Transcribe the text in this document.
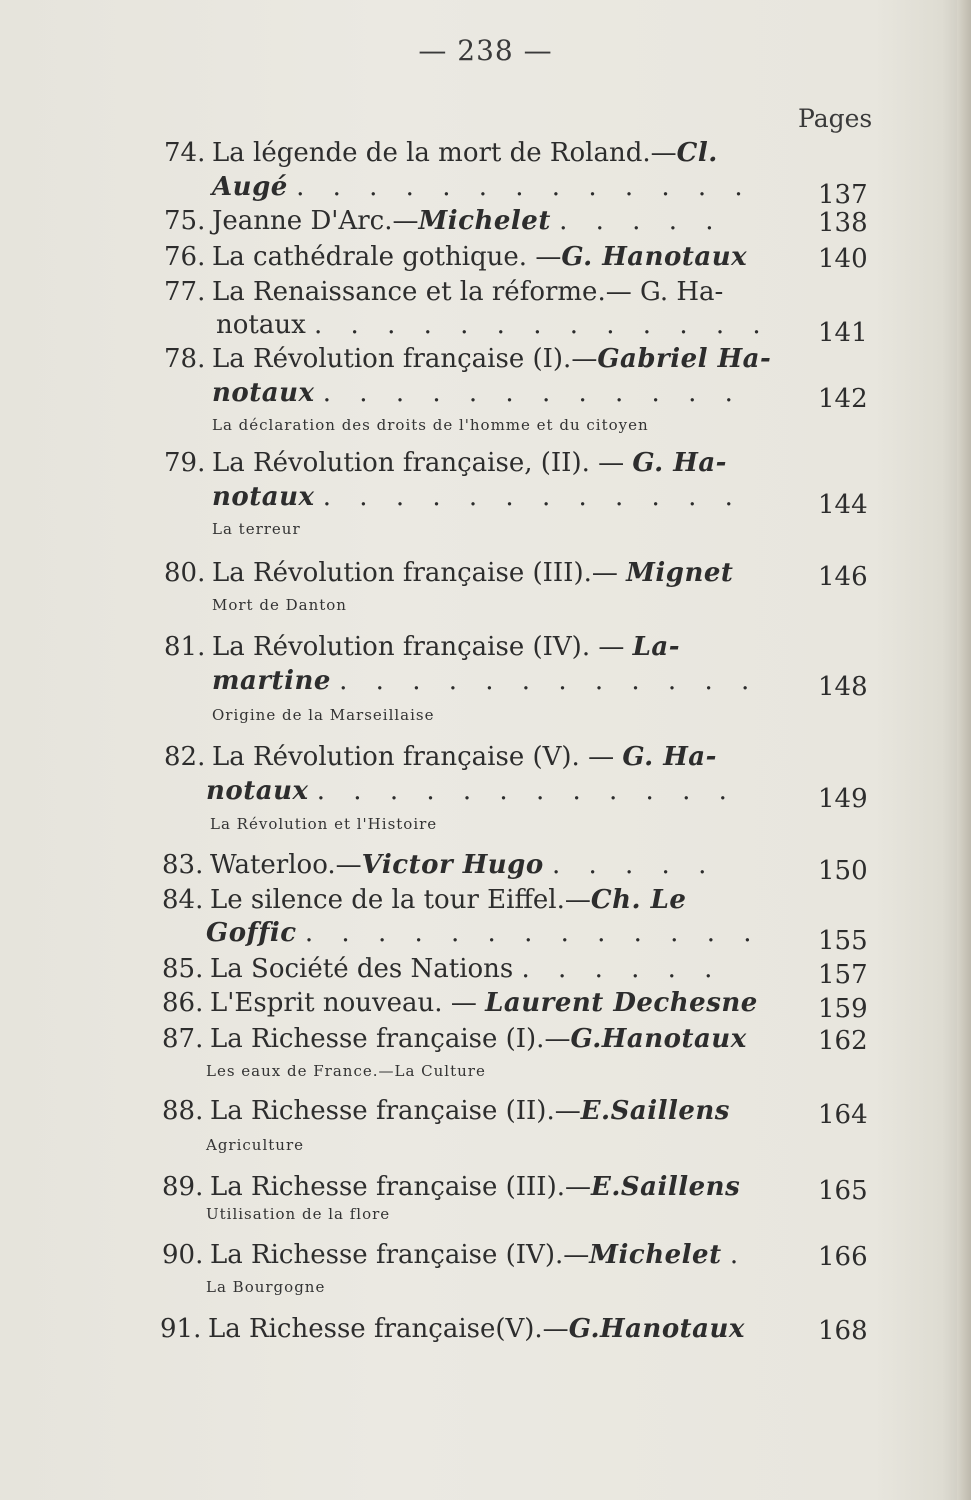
— 238 —
Pages
74. La légende de la mort de Roland.—Cl.
Augé . . . . . . . . . . . . .	137
75. Jeanne D'Arc.—Michelet . . . . .	138
76. La cathédrale gothique. —G. Hanotaux	140
77. La Renaissance et la réforme.— G. Ha-
notaux . . . . . . . . . . . . . 141
78. La Révolution française (I).—Gabriel Ha-
notaux . . . . . . . . . . . .	142
La déclaration des droits de l'homme et du citoyen
79. La Révolution française, (II). — G. Ha-
notaux . . . . . . . . . . . .	144
La terreur
80. La Révolution française (III).— Mignet	146
Mort de Danton
81. La Révolution française (IV). — La-
martine . . . . . . . . . . . . 148
Origine de la Marseillaise
82. La Révolution française (V). — G. Ha-
notaux . . . . . . . . . . . .	149
La Révolution et l'Histoire
83. Waterloo.—Victor Hugo . . . . .	150
84. Le silence de la tour Eiffel.—Ch. Le
Goffic . . . . . . . . . . . . . 155
85. La Société des Nations . . . . . .	157
86. L'Esprit nouveau. — Laurent Dechesne 159
87. La Richesse française (I).—G.Hanotaux	162
Les eaux de France.—La Culture
88. La Richesse française (II).—E.Saillens	164
Agriculture
89. La Richesse française (III).—E.Saillens	165
Utilisation de la flore
90. La Richesse française (IV).—Michelet .	166
La Bourgogne
91. La Richesse française(V).—G.Hanotaux	168
